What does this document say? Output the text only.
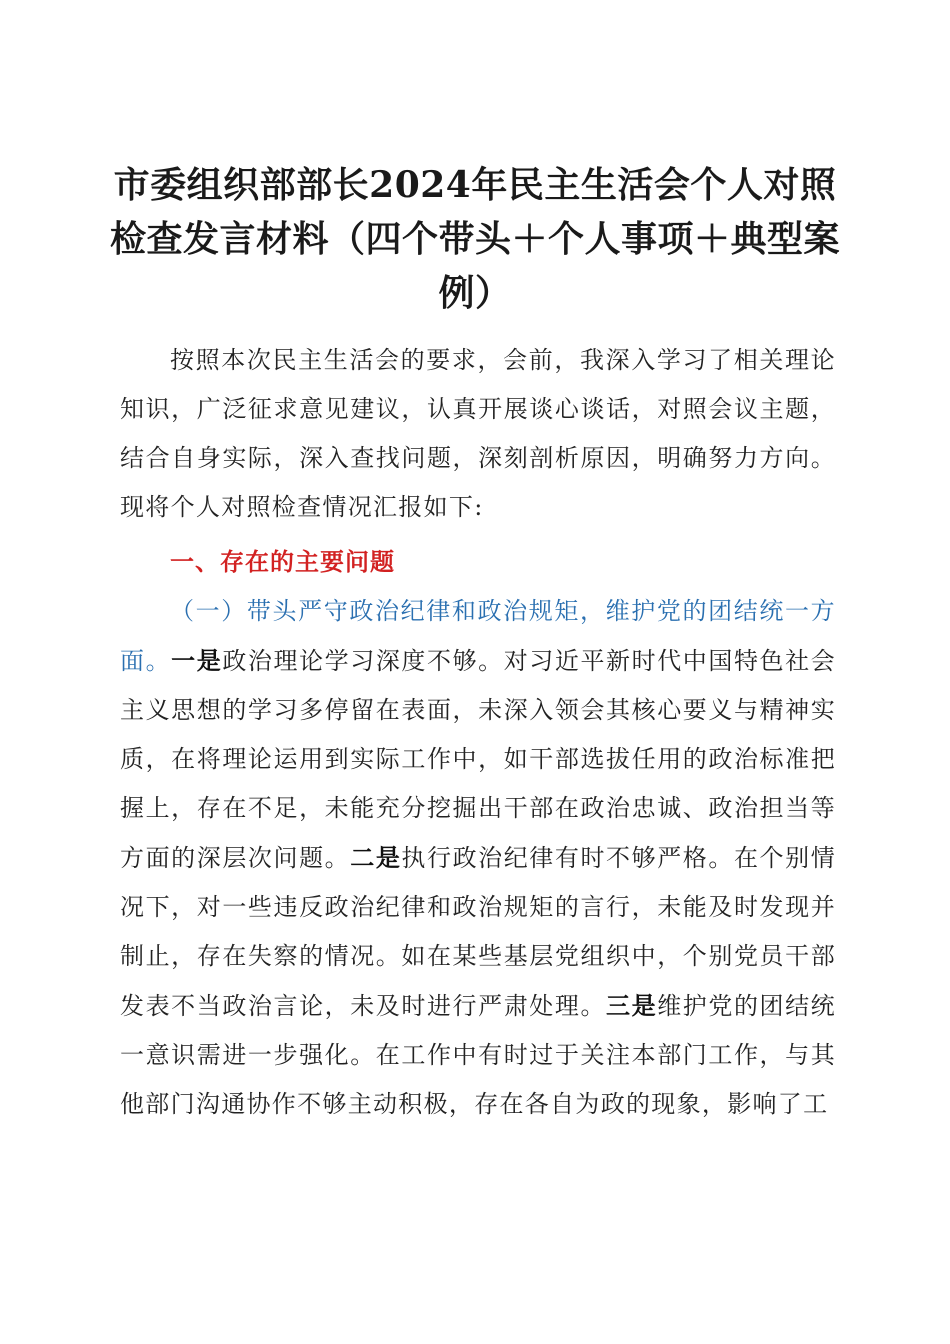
市委组织部部长2024年民主生活会个人对照检查发言材料（四个带头＋个人事项＋典型案例）

按照本次民主生活会的要求，会前，我深入学习了相关理论知识，广泛征求意见建议，认真开展谈心谈话，对照会议主题，结合自身实际，深入查找问题，深刻剖析原因，明确努力方向。现将个人对照检查情况汇报如下:

一、存在的主要问题

（一）带头严守政治纪律和政治规矩，维护党的团结统一方面。一是政治理论学习深度不够。对习近平新时代中国特色社会主义思想的学习多停留在表面，未深入领会其核心要义与精神实质，在将理论运用到实际工作中，如干部选拔任用的政治标准把握上，存在不足，未能充分挖掘出干部在政治忠诚、政治担当等方面的深层次问题。二是执行政治纪律有时不够严格。在个别情况下，对一些违反政治纪律和政治规矩的言行，未能及时发现并制止，存在失察的情况。如在某些基层党组织中，个别党员干部发表不当政治言论，未及时进行严肃处理。三是维护党的团结统一意识需进一步强化。在工作中有时过于关注本部门工作，与其他部门沟通协作不够主动积极，存在各自为政的现象，影响了工
